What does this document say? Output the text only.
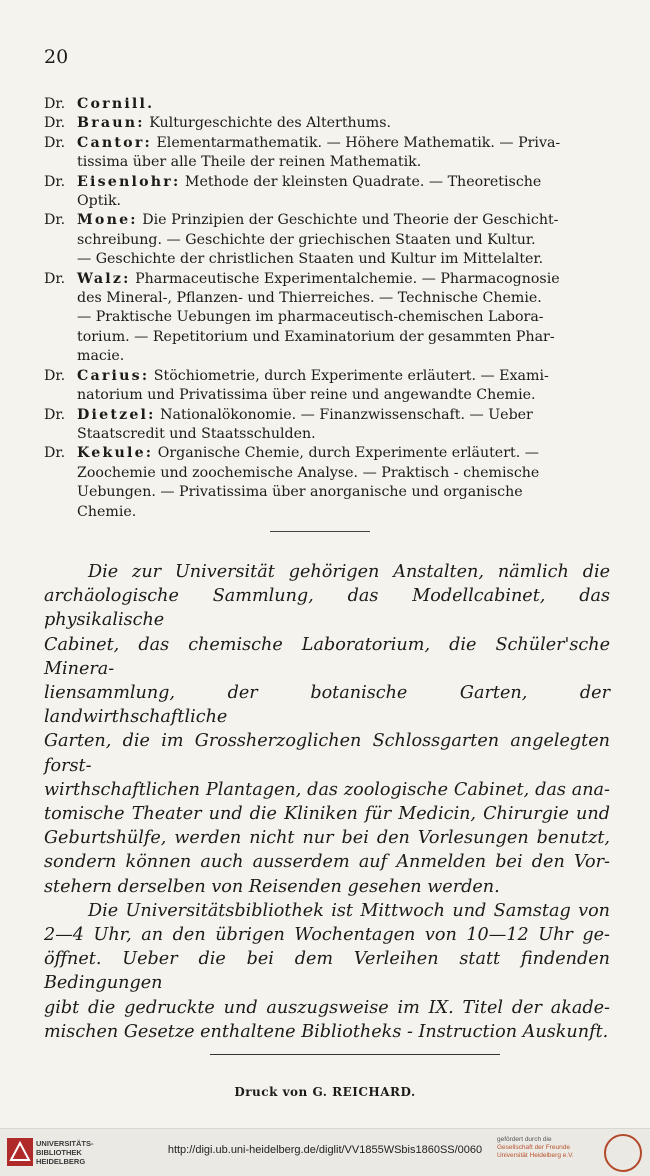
20
Dr. Cornill.
Dr. Braun: Kulturgeschichte des Alterthums.
Dr. Cantor: Elementarmathematik. — Höhere Mathematik. — Priva-
tissima über alle Theile der reinen Mathematik.
Dr. Eisenlohr: Methode der kleinsten Quadrate. — Theoretische
Optik.
Dr. Mone: Die Prinzipien der Geschichte und Theorie der Geschicht-
schreibung. — Geschichte der griechischen Staaten und Kultur.
— Geschichte der christlichen Staaten und Kultur im Mittelalter.
Dr. Walz: Pharmaceutische Experimentalchemie. — Pharmacognosie
des Mineral-, Pflanzen- und Thierreiches. — Technische Chemie.
— Praktische Uebungen im pharmaceutisch-chemischen Labora-
torium. — Repetitorium und Examinatorium der gesammten Phar-
macie.
Dr. Carius: Stöchiometrie, durch Experimente erläutert. — Exami-
natorium und Privatissima über reine und angewandte Chemie.
Dr. Dietzel: Nationalökonomie. — Finanzwissenschaft. — Ueber
Staatscredit und Staatsschulden.
Dr. Kekule: Organische Chemie, durch Experimente erläutert. —
Zoochemie und zoochemische Analyse. — Praktisch - chemische
Uebungen. — Privatissima über anorganische und organische
Chemie.
Die zur Universität gehörigen Anstalten, nämlich die
archäologische Sammlung, das Modellcabinet, das physikalische
Cabinet, das chemische Laboratorium, die Schüler'sche Minera-
liensammlung, der botanische Garten, der landwirthschaftliche
Garten, die im Grossherzoglichen Schlossgarten angelegten forst-
wirthschaftlichen Plantagen, das zoologische Cabinet, das ana-
tomische Theater und die Kliniken für Medicin, Chirurgie und
Geburtshülfe, werden nicht nur bei den Vorlesungen benutzt,
sondern können auch ausserdem auf Anmelden bei den Vor-
stehern derselben von Reisenden gesehen werden.
Die Universitätsbibliothek ist Mittwoch und Samstag von
2—4 Uhr, an den übrigen Wochentagen von 10—12 Uhr ge-
öffnet. Ueber die bei dem Verleihen statt findenden Bedingungen
gibt die gedruckte und auszugsweise im IX. Titel der akade-
mischen Gesetze enthaltene Bibliotheks - Instruction Auskunft.
Druck von G. REICHARD.
UNIVERSITÄTS-
BIBLIOTHEK
HEIDELBERG
http://digi.ub.uni-heidelberg.de/diglit/VV1855WSbis1860SS/0060
gefördert durch die
Gesellschaft der Freunde
Universität Heidelberg e.V.
